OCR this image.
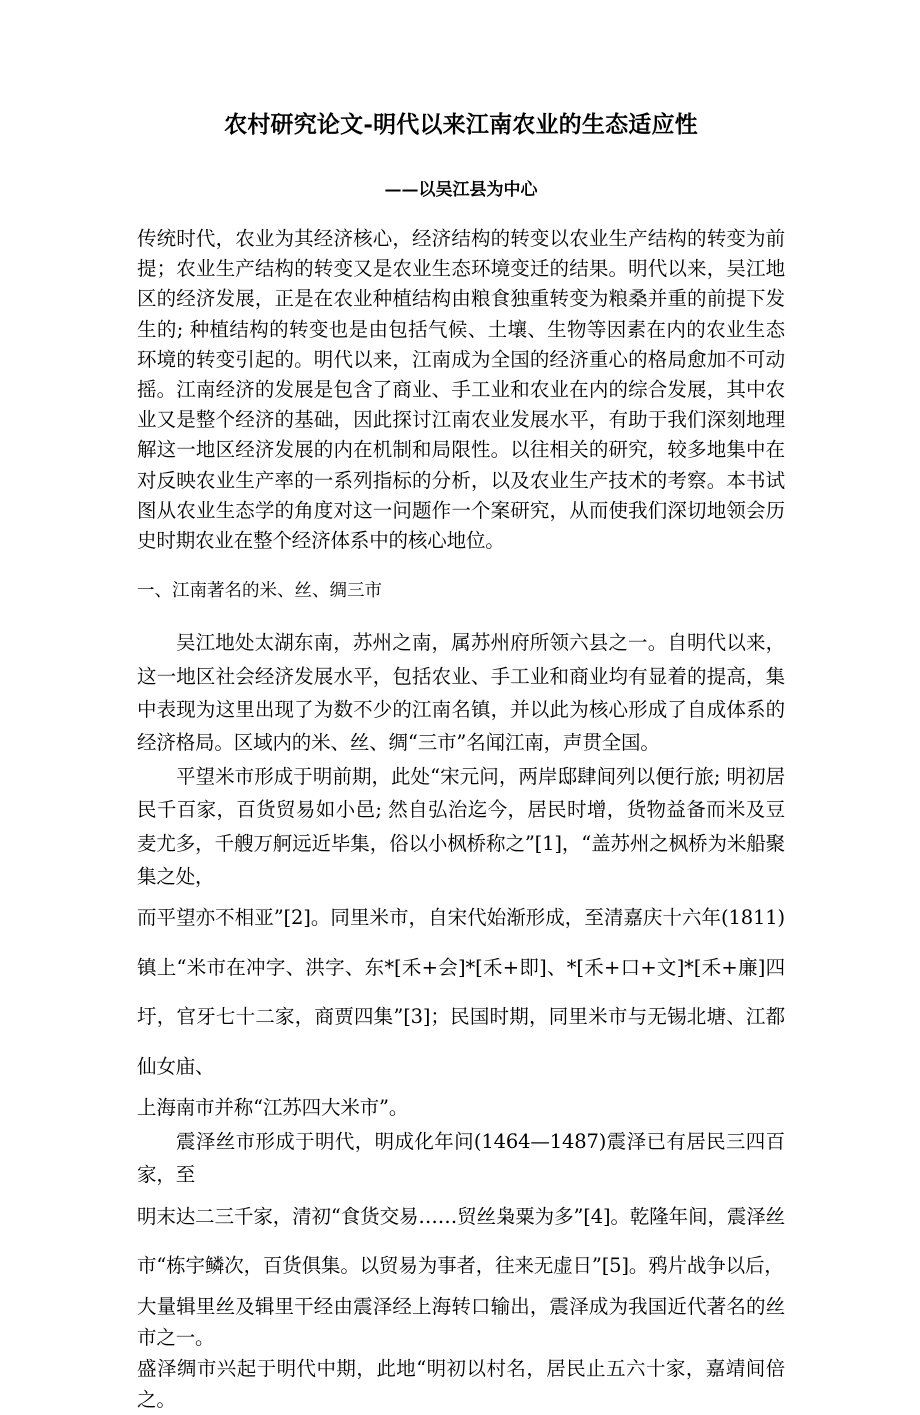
农村研究论文-明代以来江南农业的生态适应性
——以吴江县为中心

传统时代，农业为其经济核心，经济结构的转变以农业生产结构的转变为前提；农业生产结构的转变又是农业生态环境变迁的结果。明代以来，吴江地区的经济发展，正是在农业种植结构由粮食独重转变为粮桑并重的前提下发生的; 种植结构的转变也是由包括气候、土壤、生物等因素在内的农业生态环境的转变引起的。明代以来，江南成为全国的经济重心的格局愈加不可动摇。江南经济的发展是包含了商业、手工业和农业在内的综合发展，其中农业又是整个经济的基础，因此探讨江南农业发展水平，有助于我们深刻地理解这一地区经济发展的内在机制和局限性。以往相关的研究，较多地集中在对反映农业生产率的一系列指标的分析，以及农业生产技术的考察。本书试图从农业生态学的角度对这一问题作一个案研究，从而使我们深切地领会历史时期农业在整个经济体系中的核心地位。

一、江南著名的米、丝、绸三市

吴江地处太湖东南，苏州之南，属苏州府所领六县之一。自明代以来，这一地区社会经济发展水平，包括农业、手工业和商业均有显着的提高，集中表现为这里出现了为数不少的江南名镇，并以此为核心形成了自成体系的经济格局。区域内的米、丝、绸“三市”名闻江南，声贯全国。

平望米市形成于明前期，此处“宋元问，两岸邸肆间列以便行旅; 明初居民千百家，百货贸易如小邑; 然自弘治迄今，居民时增，货物益备而米及豆麦尤多，千艘万舸远近毕集，俗以小枫桥称之”[1]，“盖苏州之枫桥为米船聚集之处，

而平望亦不相亚”[2]。同里米市，自宋代始渐形成，至清嘉庆十六年(1811)镇上“米市在冲字、洪字、东*[禾+会]*[禾+即]、*[禾+口+文]*[禾+廉]四圩，官牙七十二家，商贾四集”[3]；民国时期，同里米市与无锡北塘、江都仙女庙、

上海南市并称“江苏四大米市”。

震泽丝市形成于明代，明成化年问(1464—1487)震泽已有居民三四百家，至

明末达二三千家，清初“食货交易……贸丝枭粟为多”[4]。乾隆年间，震泽丝市“栋宇鳞次，百货俱集。以贸易为事者，往来无虚日”[5]。鸦片战争以后，

大量辑里丝及辑里干经由震泽经上海转口输出，震泽成为我国近代著名的丝市之一。

盛泽绸市兴起于明代中期，此地“明初以村名，居民止五六十家，嘉靖间倍之。
